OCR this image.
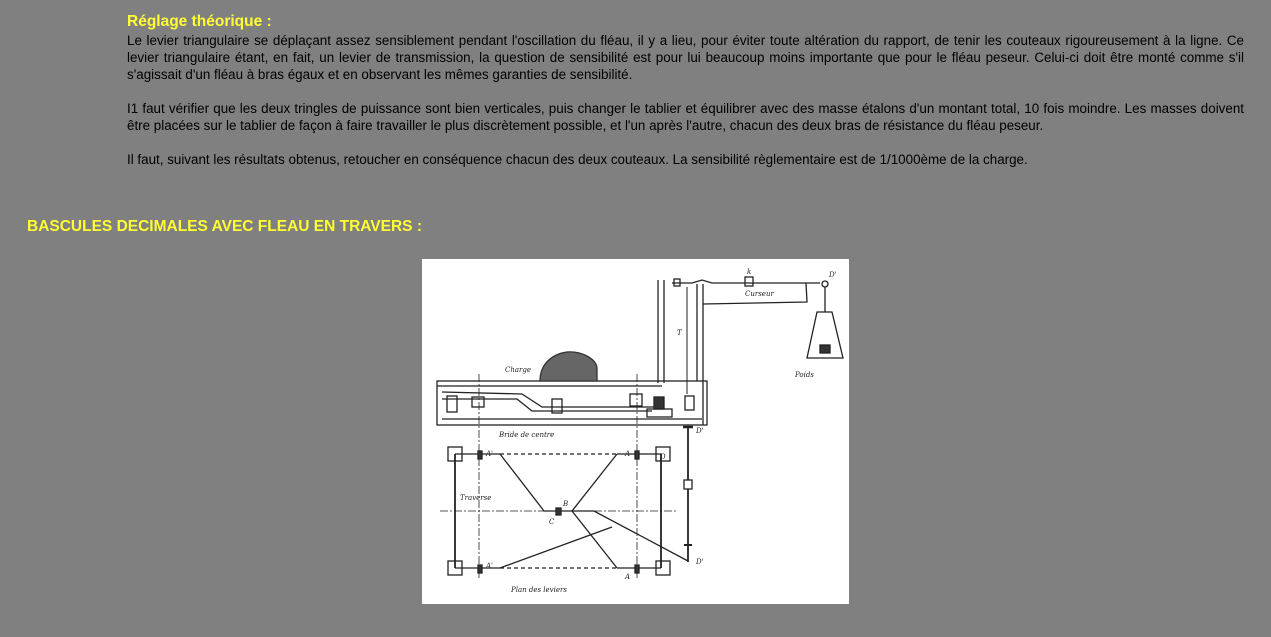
Réglage théorique :

Le levier triangulaire se déplaçant assez sensiblement pendant l'oscillation du fléau, il y a lieu, pour éviter toute altération du rapport, de tenir les couteaux rigoureusement à la ligne. Ce levier triangulaire étant, en fait, un levier de transmission, la question de sensibilité est pour lui beaucoup moins importante que pour le fléau peseur. Celui-ci doit être monté comme s'il s'agissait d'un fléau à bras égaux et en observant les mêmes garanties de sensibilité.

I1 faut vérifier que les deux tringles de puissance sont bien verticales, puis changer le tablier et équilibrer avec des masse étalons d'un montant total, 10 fois moindre. Les masses doivent être placées sur le tablier de façon à faire travailler le plus discrètement possible, et l'un après l'autre, chacun des deux bras de résistance du fléau peseur.

Il faut, suivant les résultats obtenus, retoucher en conséquence chacun des deux couteaux. La sensibilité règlementaire est de 1/1000ème de la charge.

BASCULES DECIMALES AVEC FLEAU EN TRAVERS :
Charge
Curseur
Poids
Bride de centre
Traverse
Plan des leviers
A'
A'
A
A
B
C
D
D'
D'
D'
k
T
